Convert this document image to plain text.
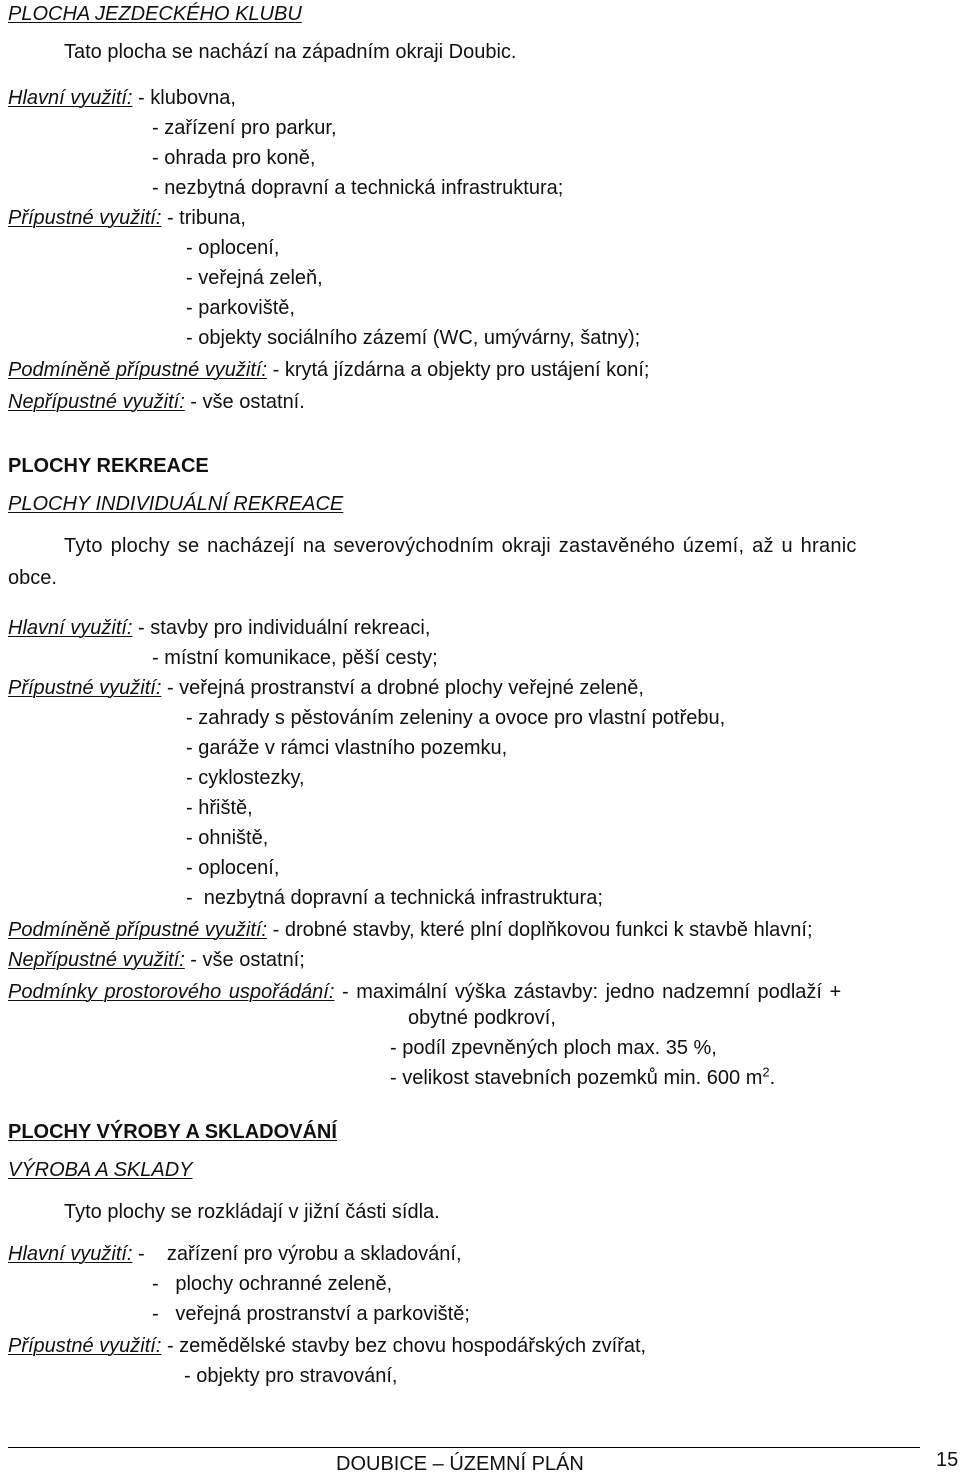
PLOCHA JEZDECKÉHO KLUBU
Tato plocha se nachází na západním okraji Doubic.
Hlavní využití: - klubovna,
- zařízení pro parkur,
- ohrada pro koně,
- nezbytná dopravní a technická infrastruktura;
Přípustné využití: - tribuna,
- oplocení,
- veřejná zeleň,
- parkoviště,
- objekty sociálního zázemí (WC, umývárny, šatny);
Podmíněně přípustné využití: - krytá jízdárna a objekty pro ustájení koní;
Nepřípustné využití: - vše ostatní.
PLOCHY REKREACE
PLOCHY INDIVIDUÁLNÍ REKREACE
Tyto plochy se nacházejí na severovýchodním okraji zastavěného území, až u hranic
obce.
Hlavní využití: - stavby pro individuální rekreaci,
- místní komunikace, pěší cesty;
Přípustné využití: - veřejná prostranství a drobné plochy veřejné zeleně,
- zahrady s pěstováním zeleniny a ovoce pro vlastní potřebu,
- garáže v rámci vlastního pozemku,
- cyklostezky,
- hřiště,
- ohniště,
- oplocení,
-  nezbytná dopravní a technická infrastruktura;
Podmíněně přípustné využití: - drobné stavby, které plní doplňkovou funkci k stavbě hlavní;
Nepřípustné využití: - vše ostatní;
Podmínky prostorového uspořádání: - maximální výška zástavby: jedno nadzemní podlaží +
obytné podkroví,
- podíl zpevněných ploch max. 35 %,
- velikost stavebních pozemků min. 600 $m^2$.
PLOCHY VÝROBY A SKLADOVÁNÍ
VÝROBA A SKLADY
Tyto plochy se rozkládají v jižní části sídla.
Hlavní využití: -    zařízení pro výrobu a skladování,
-   plochy ochranné zeleně,
-   veřejná prostranství a parkoviště;
Přípustné využití: - zemědělské stavby bez chovu hospodářských zvířat,
- objekty pro stravování,
DOUBICE – ÚZEMNÍ PLÁN	15
